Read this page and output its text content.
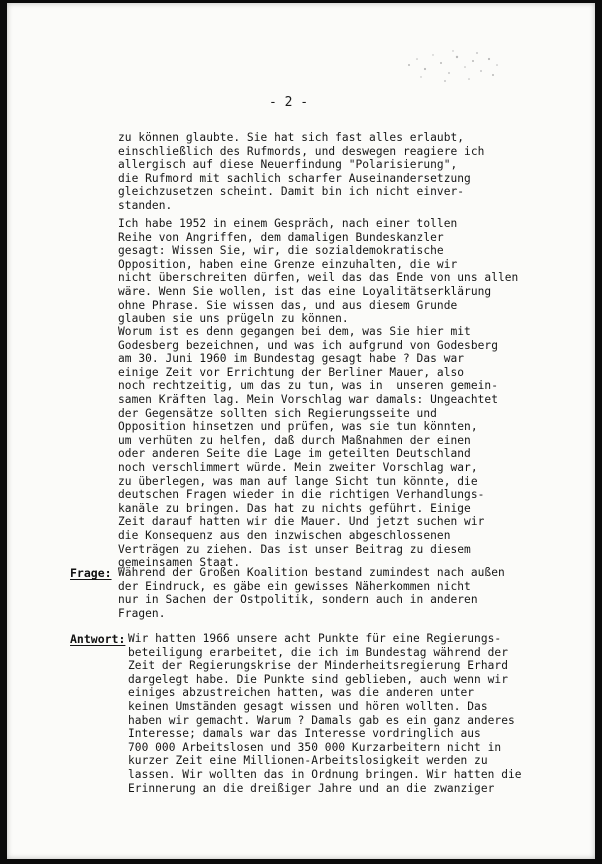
- 2 -
zu können glaubte. Sie hat sich fast alles erlaubt,
einschließlich des Rufmords, und deswegen reagiere ich
allergisch auf diese Neuerfindung "Polarisierung",
die Rufmord mit sachlich scharfer Auseinandersetzung
gleichzusetzen scheint. Damit bin ich nicht einver-
standen.
Ich habe 1952 in einem Gespräch, nach einer tollen
Reihe von Angriffen, dem damaligen Bundeskanzler
gesagt: Wissen Sie, wir, die sozialdemokratische
Opposition, haben eine Grenze einzuhalten, die wir
nicht überschreiten dürfen, weil das das Ende von uns allen
wäre. Wenn Sie wollen, ist das eine Loyalitätserklärung
ohne Phrase. Sie wissen das, und aus diesem Grunde
glauben sie uns prügeln zu können.
Worum ist es denn gegangen bei dem, was Sie hier mit
Godesberg bezeichnen, und was ich aufgrund von Godesberg
am 30. Juni 1960 im Bundestag gesagt habe ? Das war
einige Zeit vor Errichtung der Berliner Mauer, also
noch rechtzeitig, um das zu tun, was in  unseren gemein-
samen Kräften lag. Mein Vorschlag war damals: Ungeachtet
der Gegensätze sollten sich Regierungsseite und
Opposition hinsetzen und prüfen, was sie tun könnten,
um verhüten zu helfen, daß durch Maßnahmen der einen
oder anderen Seite die Lage im geteilten Deutschland
noch verschlimmert würde. Mein zweiter Vorschlag war,
zu überlegen, was man auf lange Sicht tun könnte, die
deutschen Fragen wieder in die richtigen Verhandlungs-
kanäle zu bringen. Das hat zu nichts geführt. Einige
Zeit darauf hatten wir die Mauer. Und jetzt suchen wir
die Konsequenz aus den inzwischen abgeschlossenen
Verträgen zu ziehen. Das ist unser Beitrag zu diesem
gemeinsamen Staat.
Frage: Während der Großen Koalition bestand zumindest nach außen
der Eindruck, es gäbe ein gewisses Näherkommen nicht
nur in Sachen der Ostpolitik, sondern auch in anderen
Fragen.
Antwort: Wir hatten 1966 unsere acht Punkte für eine Regierungs-
beteiligung erarbeitet, die ich im Bundestag während der
Zeit der Regierungskrise der Minderheitsregierung Erhard
dargelegt habe. Die Punkte sind geblieben, auch wenn wir
einiges abzustreichen hatten, was die anderen unter
keinen Umständen gesagt wissen und hören wollten. Das
haben wir gemacht. Warum ? Damals gab es ein ganz anderes
Interesse; damals war das Interesse vordringlich aus
700 000 Arbeitslosen und 350 000 Kurzarbeitern nicht in
kurzer Zeit eine Millionen-Arbeitslosigkeit werden zu
lassen. Wir wollten das in Ordnung bringen. Wir hatten die
Erinnerung an die dreißiger Jahre und an die zwanziger
